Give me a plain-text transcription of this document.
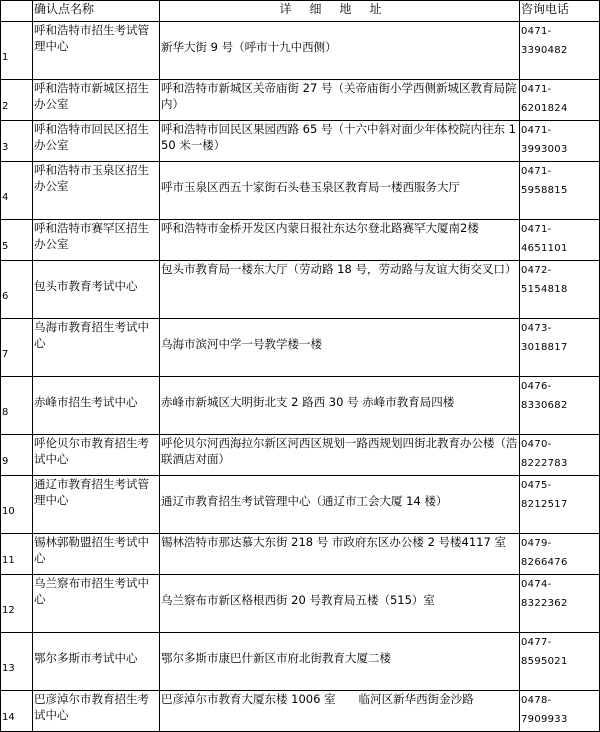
	确认点名称	详细地址	咨询电话

1	呼和浩特市招生考试管理中心	新华大街 9 号（呼市十九中西侧）	0471-
3390482

2	呼和浩特市新城区招生办公室	呼和浩特市新城区关帝庙街 27 号（关帝庙街小学西侧新城区教育局院内）	0471-
6201824

3	呼和浩特市回民区招生办公室	呼和浩特市回民区果园西路 65 号（十六中斜对面少年体校院内往东 150 米一楼）	0471-
3993003

4	呼和浩特市玉泉区招生办公室	呼市玉泉区西五十家街石头巷玉泉区教育局一楼西服务大厅	0471-
5958815

5	呼和浩特市赛罕区招生办公室	呼和浩特市金桥开发区内蒙日报社东达尔登北路赛罕大厦南2楼	0471-
4651101

6	包头市教育考试中心	包头市教育局一楼东大厅（劳动路 18 号，劳动路与友谊大街交叉口）	0472-
5154818

7	乌海市教育招生考试中心	乌海市滨河中学一号教学楼一楼	0473-
3018817

8	赤峰市招生考试中心	赤峰市新城区大明街北支 2 路西 30 号 赤峰市教育局四楼	0476-
8330682

9	呼伦贝尔市教育招生考试中心	呼伦贝尔河西海拉尔新区河西区规划一路西规划四街北教育办公楼（浩联酒店对面）	0470-
8222783

10	通辽市教育招生考试管理中心	通辽市教育招生考试管理中心（通辽市工会大厦 14 楼）	0475-
8212517

11	锡林郭勒盟招生考试中心	锡林浩特市那达慕大东街 218 号 市政府东区办公楼 2 号楼4117 室	0479-
8266476

12	乌兰察布市招生考试中心	乌兰察布市新区格根西街 20 号教育局五楼（515）室	0474-
8322362

13	鄂尔多斯市考试中心	鄂尔多斯市康巴什新区市府北街教育大厦二楼	0477-
8595021

14	巴彦淖尔市教育招生考试中心	巴彦淖尔市教育大厦东楼 1006 室　　临河区新华西街金沙路	0478-
7909933
